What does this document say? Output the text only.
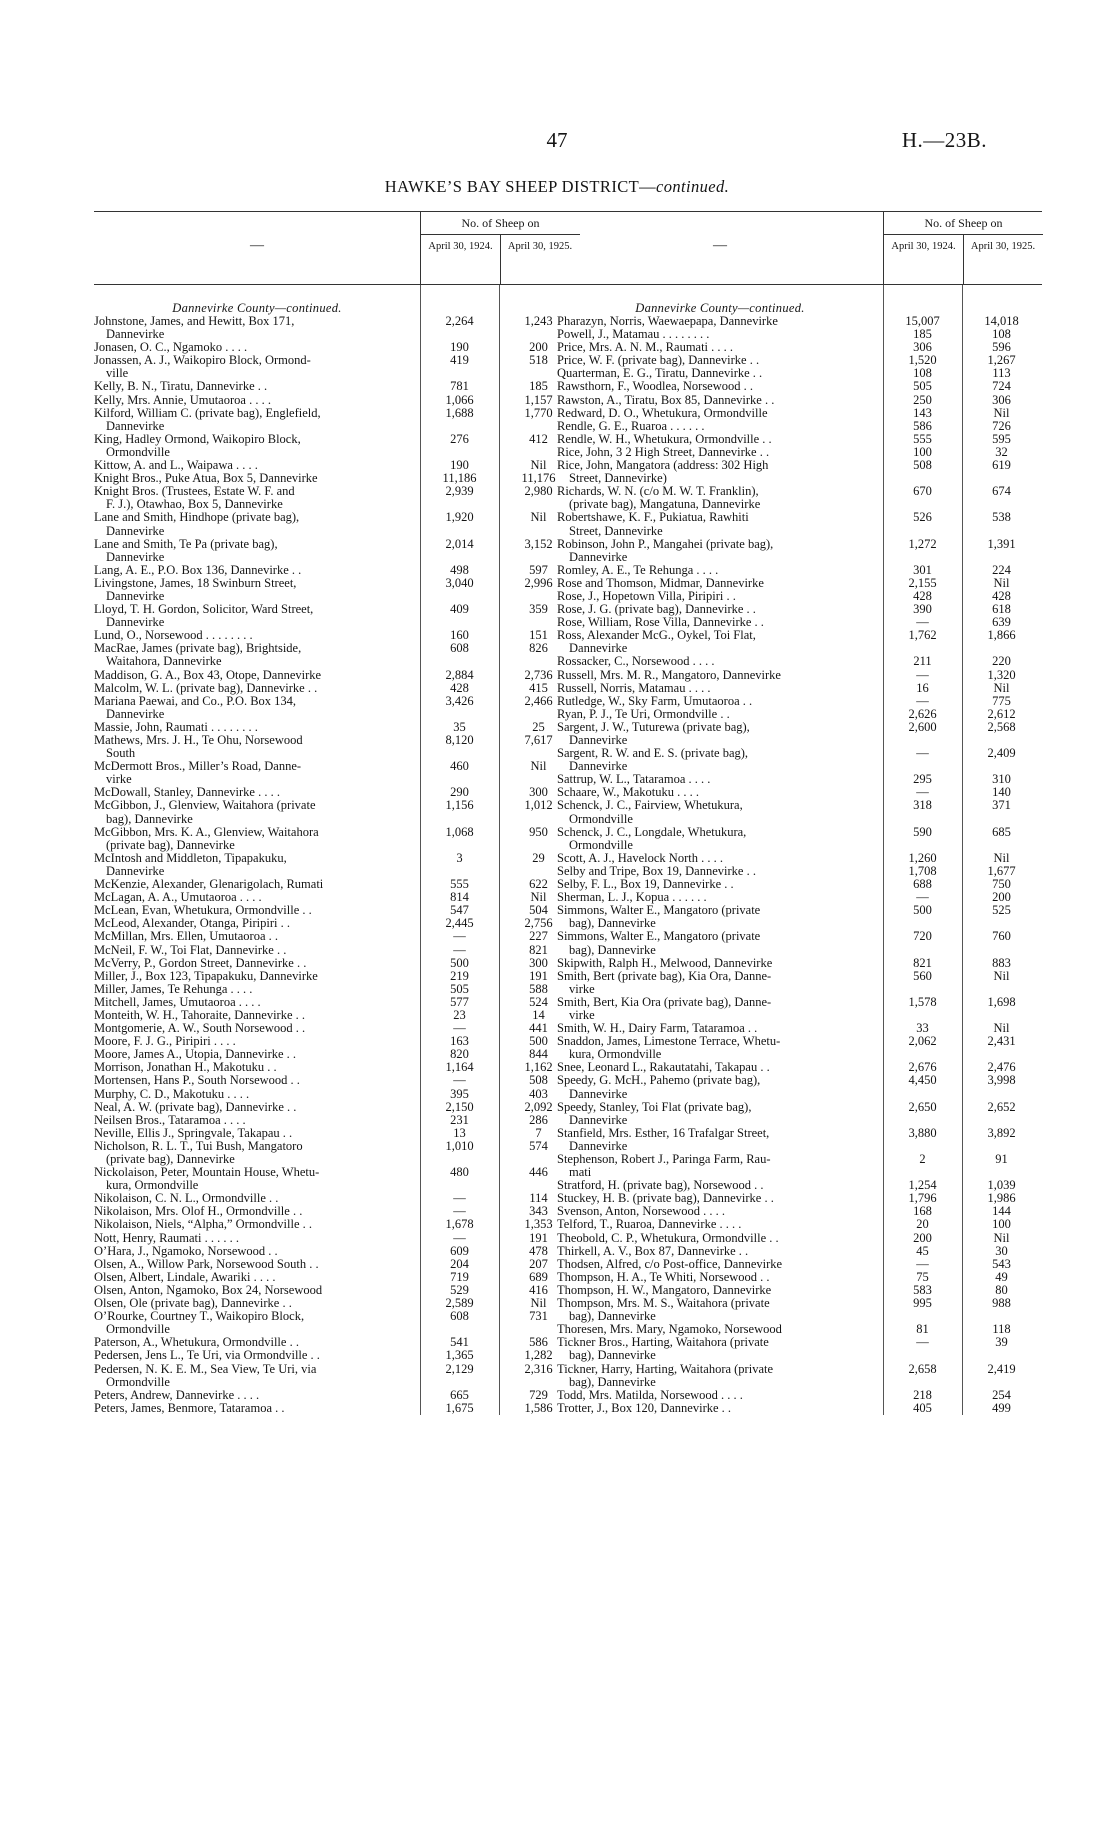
47	H.—23B.
HAWKE’S BAY SHEEP DISTRICT—continued.
—
No. of Sheep on
April 30, 1924.	April 30, 1925.
Dannevirke County—continued.
Johnstone, James, and Hewitt, Box 171,
Dannevirke
2,264	1,243
Jonasen, O. C., Ngamoko . . . .	190	200
Jonassen, A. J., Waikopiro Block, Ormond-
ville
419	518
Kelly, B. N., Tiratu, Dannevirke . .	781	185
Kelly, Mrs. Annie, Umutaoroa . . . .	1,066	1,157
Kilford, William C. (private bag), Englefield,
Dannevirke
1,688	1,770
King, Hadley Ormond, Waikopiro Block,
Ormondville
276	412
Kittow, A. and L., Waipawa . . . .	190	Nil
Knight Bros., Puke Atua, Box 5, Dannevirke	11,186	11,176
Knight Bros. (Trustees, Estate W. F. and
F. J.), Otawhao, Box 5, Dannevirke
2,939	2,980
Lane and Smith, Hindhope (private bag),
Dannevirke
1,920	Nil
Lane and Smith, Te Pa (private bag),
Dannevirke
2,014	3,152
Lang, A. E., P.O. Box 136, Dannevirke . .	498	597
Livingstone, James, 18 Swinburn Street,
Dannevirke
3,040	2,996
Lloyd, T. H. Gordon, Solicitor, Ward Street,
Dannevirke
409	359
Lund, O., Norsewood . . . . . . . .	160	151
MacRae, James (private bag), Brightside,
Waitahora, Dannevirke
608	826
Maddison, G. A., Box 43, Otope, Dannevirke	2,884	2,736
Malcolm, W. L. (private bag), Dannevirke . .	428	415
Mariana Paewai, and Co., P.O. Box 134,
Dannevirke
3,426	2,466
Massie, John, Raumati . . . . . . . .	35	25
Mathews, Mrs. J. H., Te Ohu, Norsewood
South
8,120	7,617
McDermott Bros., Miller’s Road, Danne-
virke
460	Nil
McDowall, Stanley, Dannevirke . . . .	290	300
McGibbon, J., Glenview, Waitahora (private
bag), Dannevirke
1,156	1,012
McGibbon, Mrs. K. A., Glenview, Waitahora
(private bag), Dannevirke
1,068	950
McIntosh and Middleton, Tipapakuku,
Dannevirke
3	29
McKenzie, Alexander, Glenarigolach, Rumati	555	622
McLagan, A. A., Umutaoroa . . . .	814	Nil
McLean, Evan, Whetukura, Ormondville . .	547	504
McLeod, Alexander, Otanga, Piripiri . .	2,445	2,756
McMillan, Mrs. Ellen, Umutaoroa . .	—	227
McNeil, F. W., Toi Flat, Dannevirke . .	—	821
McVerry, P., Gordon Street, Dannevirke . .	500	300
Miller, J., Box 123, Tipapakuku, Dannevirke	219	191
Miller, James, Te Rehunga . . . .	505	588
Mitchell, James, Umutaoroa . . . .	577	524
Monteith, W. H., Tahoraite, Dannevirke . .	23	14
Montgomerie, A. W., South Norsewood . .	—	441
Moore, F. J. G., Piripiri . . . .	163	500
Moore, James A., Utopia, Dannevirke . .	820	844
Morrison, Jonathan H., Makotuku . .	1,164	1,162
Mortensen, Hans P., South Norsewood . .	—	508
Murphy, C. D., Makotuku . . . .	395	403
Neal, A. W. (private bag), Dannevirke . .	2,150	2,092
Neilsen Bros., Tataramoa . . . .	231	286
Neville, Ellis J., Springvale, Takapau . .	13	7
Nicholson, R. L. T., Tui Bush, Mangatoro
(private bag), Dannevirke
1,010	574
Nickolaison, Peter, Mountain House, Whetu-
kura, Ormondville
480	446
Nikolaison, C. N. L., Ormondville . .	—	114
Nikolaison, Mrs. Olof H., Ormondville . .	—	343
Nikolaison, Niels, “Alpha,” Ormondville . .	1,678	1,353
Nott, Henry, Raumati . . . . . .	—	191
O’Hara, J., Ngamoko, Norsewood . .	609	478
Olsen, A., Willow Park, Norsewood South . .	204	207
Olsen, Albert, Lindale, Awariki . . . .	719	689
Olsen, Anton, Ngamoko, Box 24, Norsewood	529	416
Olsen, Ole (private bag), Dannevirke . .	2,589	Nil
O’Rourke, Courtney T., Waikopiro Block,
Ormondville
608	731
Paterson, A., Whetukura, Ormondville . .	541	586
Pedersen, Jens L., Te Uri, via Ormondville . .	1,365	1,282
Pedersen, N. K. E. M., Sea View, Te Uri, via
Ormondville
2,129	2,316
Peters, Andrew, Dannevirke . . . .	665	729
Peters, James, Benmore, Tataramoa . .	1,675	1,586
—
No. of Sheep on
April 30, 1924.	April 30, 1925.
Dannevirke County—continued.
Pharazyn, Norris, Waewaepapa, Dannevirke	15,007	14,018
Powell, J., Matamau . . . . . . . .	185	108
Price, Mrs. A. N. M., Raumati . . . .	306	596
Price, W. F. (private bag), Dannevirke . .	1,520	1,267
Quarterman, E. G., Tiratu, Dannevirke . .	108	113
Rawsthorn, F., Woodlea, Norsewood . .	505	724
Rawston, A., Tiratu, Box 85, Dannevirke . .	250	306
Redward, D. O., Whetukura, Ormondville	143	Nil
Rendle, G. E., Ruaroa . . . . . .	586	726
Rendle, W. H., Whetukura, Ormondville . .	555	595
Rice, John, 3 2 High Street, Dannevirke . .	100	32
Rice, John, Mangatora (address: 302 High
Street, Dannevirke)
508	619
Richards, W. N. (c/o M. W. T. Franklin),
(private bag), Mangatuna, Dannevirke
670	674
Robertshawe, K. F., Pukiatua, Rawhiti
Street, Dannevirke
526	538
Robinson, John P., Mangahei (private bag),
Dannevirke
1,272	1,391
Romley, A. E., Te Rehunga . . . .	301	224
Rose and Thomson, Midmar, Dannevirke	2,155	Nil
Rose, J., Hopetown Villa, Piripiri . .	428	428
Rose, J. G. (private bag), Dannevirke . .	390	618
Rose, William, Rose Villa, Dannevirke . .	—	639
Ross, Alexander McG., Oykel, Toi Flat,
Dannevirke
1,762	1,866
Rossacker, C., Norsewood . . . .	211	220
Russell, Mrs. M. R., Mangatoro, Dannevirke	—	1,320
Russell, Norris, Matamau . . . .	16	Nil
Rutledge, W., Sky Farm, Umutaoroa . .	—	775
Ryan, P. J., Te Uri, Ormondville . .	2,626	2,612
Sargent, J. W., Tuturewa (private bag),
Dannevirke
2,600	2,568
Sargent, R. W. and E. S. (private bag),
Dannevirke
—	2,409
Sattrup, W. L., Tataramoa . . . .	295	310
Schaare, W., Makotuku . . . .	—	140
Schenck, J. C., Fairview, Whetukura,
Ormondville
318	371
Schenck, J. C., Longdale, Whetukura,
Ormondville
590	685
Scott, A. J., Havelock North . . . .	1,260	Nil
Selby and Tripe, Box 19, Dannevirke . .	1,708	1,677
Selby, F. L., Box 19, Dannevirke . .	688	750
Sherman, L. J., Kopua . . . . . .	—	200
Simmons, Walter E., Mangatoro (private
bag), Dannevirke
500	525
Simmons, Walter E., Mangatoro (private
bag), Dannevirke
720	760
Skipwith, Ralph H., Melwood, Dannevirke	821	883
Smith, Bert (private bag), Kia Ora, Danne-
virke
560	Nil
Smith, Bert, Kia Ora (private bag), Danne-
virke
1,578	1,698
Smith, W. H., Dairy Farm, Tataramoa . .	33	Nil
Snaddon, James, Limestone Terrace, Whetu-
kura, Ormondville
2,062	2,431
Snee, Leonard L., Rakautatahi, Takapau . .	2,676	2,476
Speedy, G. McH., Pahemo (private bag),
Dannevirke
4,450	3,998
Speedy, Stanley, Toi Flat (private bag),
Dannevirke
2,650	2,652
Stanfield, Mrs. Esther, 16 Trafalgar Street,
Dannevirke
3,880	3,892
Stephenson, Robert J., Paringa Farm, Rau-
mati
2	91
Stratford, H. (private bag), Norsewood . .	1,254	1,039
Stuckey, H. B. (private bag), Dannevirke . .	1,796	1,986
Svenson, Anton, Norsewood . . . .	168	144
Telford, T., Ruaroa, Dannevirke . . . .	20	100
Theobold, C. P., Whetukura, Ormondville . .	200	Nil
Thirkell, A. V., Box 87, Dannevirke . .	45	30
Thodsen, Alfred, c/o Post-office, Dannevirke	—	543
Thompson, H. A., Te Whiti, Norsewood . .	75	49
Thompson, H. W., Mangatoro, Dannevirke	583	80
Thompson, Mrs. M. S., Waitahora (private
bag), Dannevirke
995	988
Thoresen, Mrs. Mary, Ngamoko, Norsewood	81	118
Tickner Bros., Harting, Waitahora (private
bag), Dannevirke
—	39
Tickner, Harry, Harting, Waitahora (private
bag), Dannevirke
2,658	2,419
Todd, Mrs. Matilda, Norsewood . . . .	218	254
Trotter, J., Box 120, Dannevirke . .	405	499
